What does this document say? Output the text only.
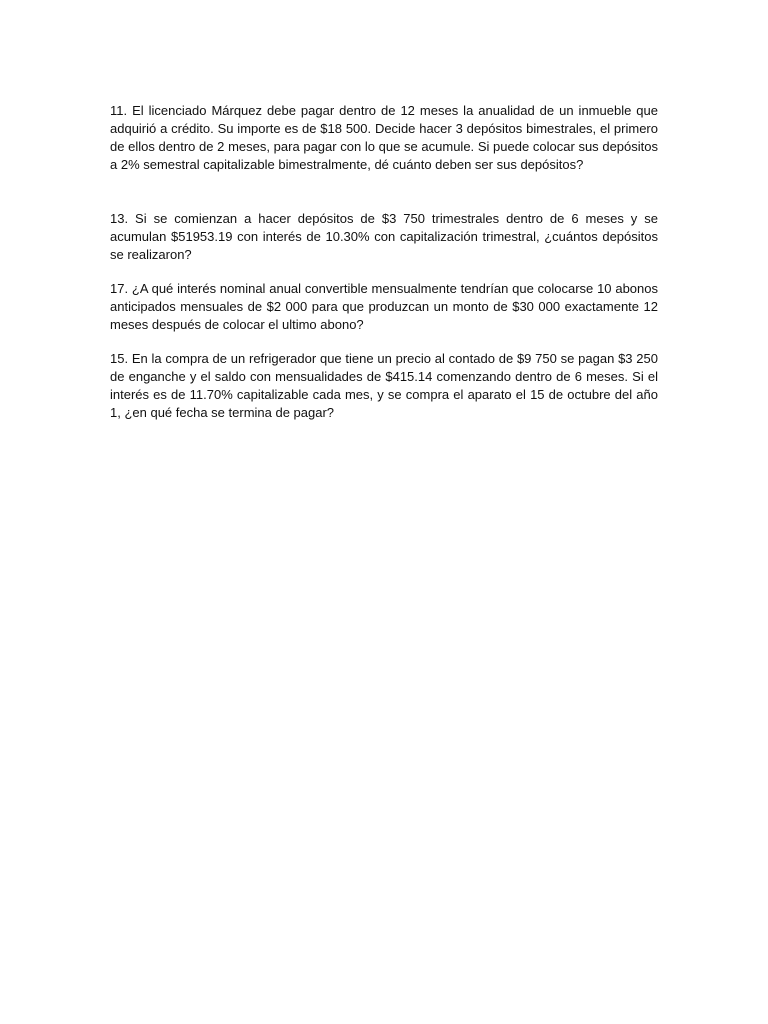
11. El licenciado Márquez debe pagar dentro de 12 meses la anualidad de un inmueble que adquirió a crédito. Su importe es de $18 500. Decide hacer 3 depósitos bimestrales, el primero de ellos dentro de 2 meses, para pagar con lo que se acumule. Si puede colocar sus depósitos a 2% semestral capitalizable bimestralmente, dé cuánto deben ser sus depósitos?

13. Si se comienzan a hacer depósitos de $3 750 trimestrales dentro de 6 meses y se acumulan $51953.19 con interés de 10.30% con capitalización trimestral, ¿cuántos depósitos se realizaron?

17. ¿A qué interés nominal anual convertible mensualmente tendrían que colocarse 10 abonos anticipados mensuales de $2 000 para que produzcan un monto de $30 000 exactamente 12 meses después de colocar el ultimo abono?

15. En la compra de un refrigerador que tiene un precio al contado de $9 750 se pagan $3 250 de enganche y el saldo con mensualidades de $415.14 comenzando dentro de 6 meses. Si el interés es de 11.70% capitalizable cada mes, y se compra el aparato el 15 de octubre del año 1, ¿en qué fecha se termina de pagar?
